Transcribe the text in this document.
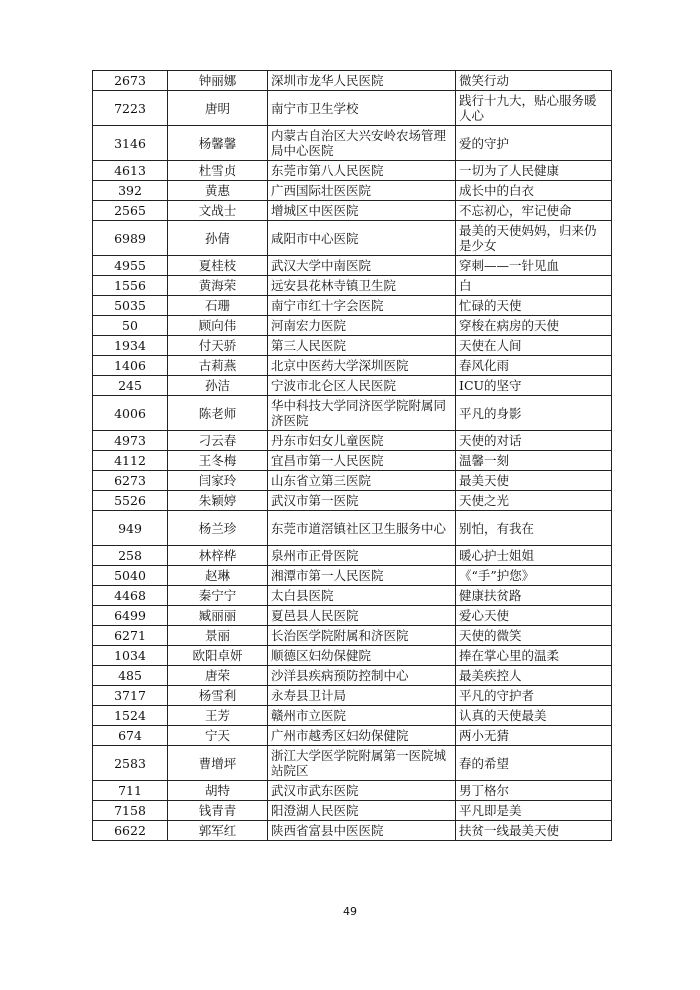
2673	钟丽娜	深圳市龙华人民医院	微笑行动
7223	唐明	南宁市卫生学校	践行十九大，贴心服务暖人心
3146	杨馨馨	内蒙古自治区大兴安岭农场管理局中心医院	爱的守护
4613	杜雪贞	东莞市第八人民医院	一切为了人民健康
392	黄惠	广西国际壮医医院	成长中的白衣
2565	文战士	增城区中医医院	不忘初心，牢记使命
6989	孙倩	咸阳市中心医院	最美的天使妈妈，归来仍是少女
4955	夏桂枝	武汉大学中南医院	穿刺——一针见血
1556	黄海荣	远安县花林寺镇卫生院	白
5035	石珊	南宁市红十字会医院	忙碌的天使
50	顾向伟	河南宏力医院	穿梭在病房的天使
1934	付天骄	第三人民医院	天使在人间
1406	古莉燕	北京中医药大学深圳医院	春风化雨
245	孙洁	宁波市北仑区人民医院	ICU的坚守
4006	陈老师	华中科技大学同济医学院附属同济医院	平凡的身影
4973	刁云春	丹东市妇女儿童医院	天使的对话
4112	王冬梅	宜昌市第一人民医院	温馨一刻
6273	闫家玲	山东省立第三医院	最美天使
5526	朱颖婷	武汉市第一医院	天使之光
949	杨兰珍	东莞市道滘镇社区卫生服务中心	别怕，有我在
258	林梓桦	泉州市正骨医院	暖心护士姐姐
5040	赵琳	湘潭市第一人民医院	《“手”护您》
4468	秦宁宁	太白县医院	健康扶贫路
6499	臧丽丽	夏邑县人民医院	爱心天使
6271	景丽	长治医学院附属和济医院	天使的微笑
1034	欧阳卓妍	顺德区妇幼保健院	捧在掌心里的温柔
485	唐荣	沙洋县疾病预防控制中心	最美疾控人
3717	杨雪利	永寿县卫计局	平凡的守护者
1524	王芳	赣州市立医院	认真的天使最美
674	宁天	广州市越秀区妇幼保健院	两小无猜
2583	曹增坪	浙江大学医学院附属第一医院城站院区	春的希望
711	胡特	武汉市武东医院	男丁格尔
7158	钱青青	阳澄湖人民医院	平凡即是美
6622	郭军红	陕西省富县中医医院	扶贫一线最美天使
49
